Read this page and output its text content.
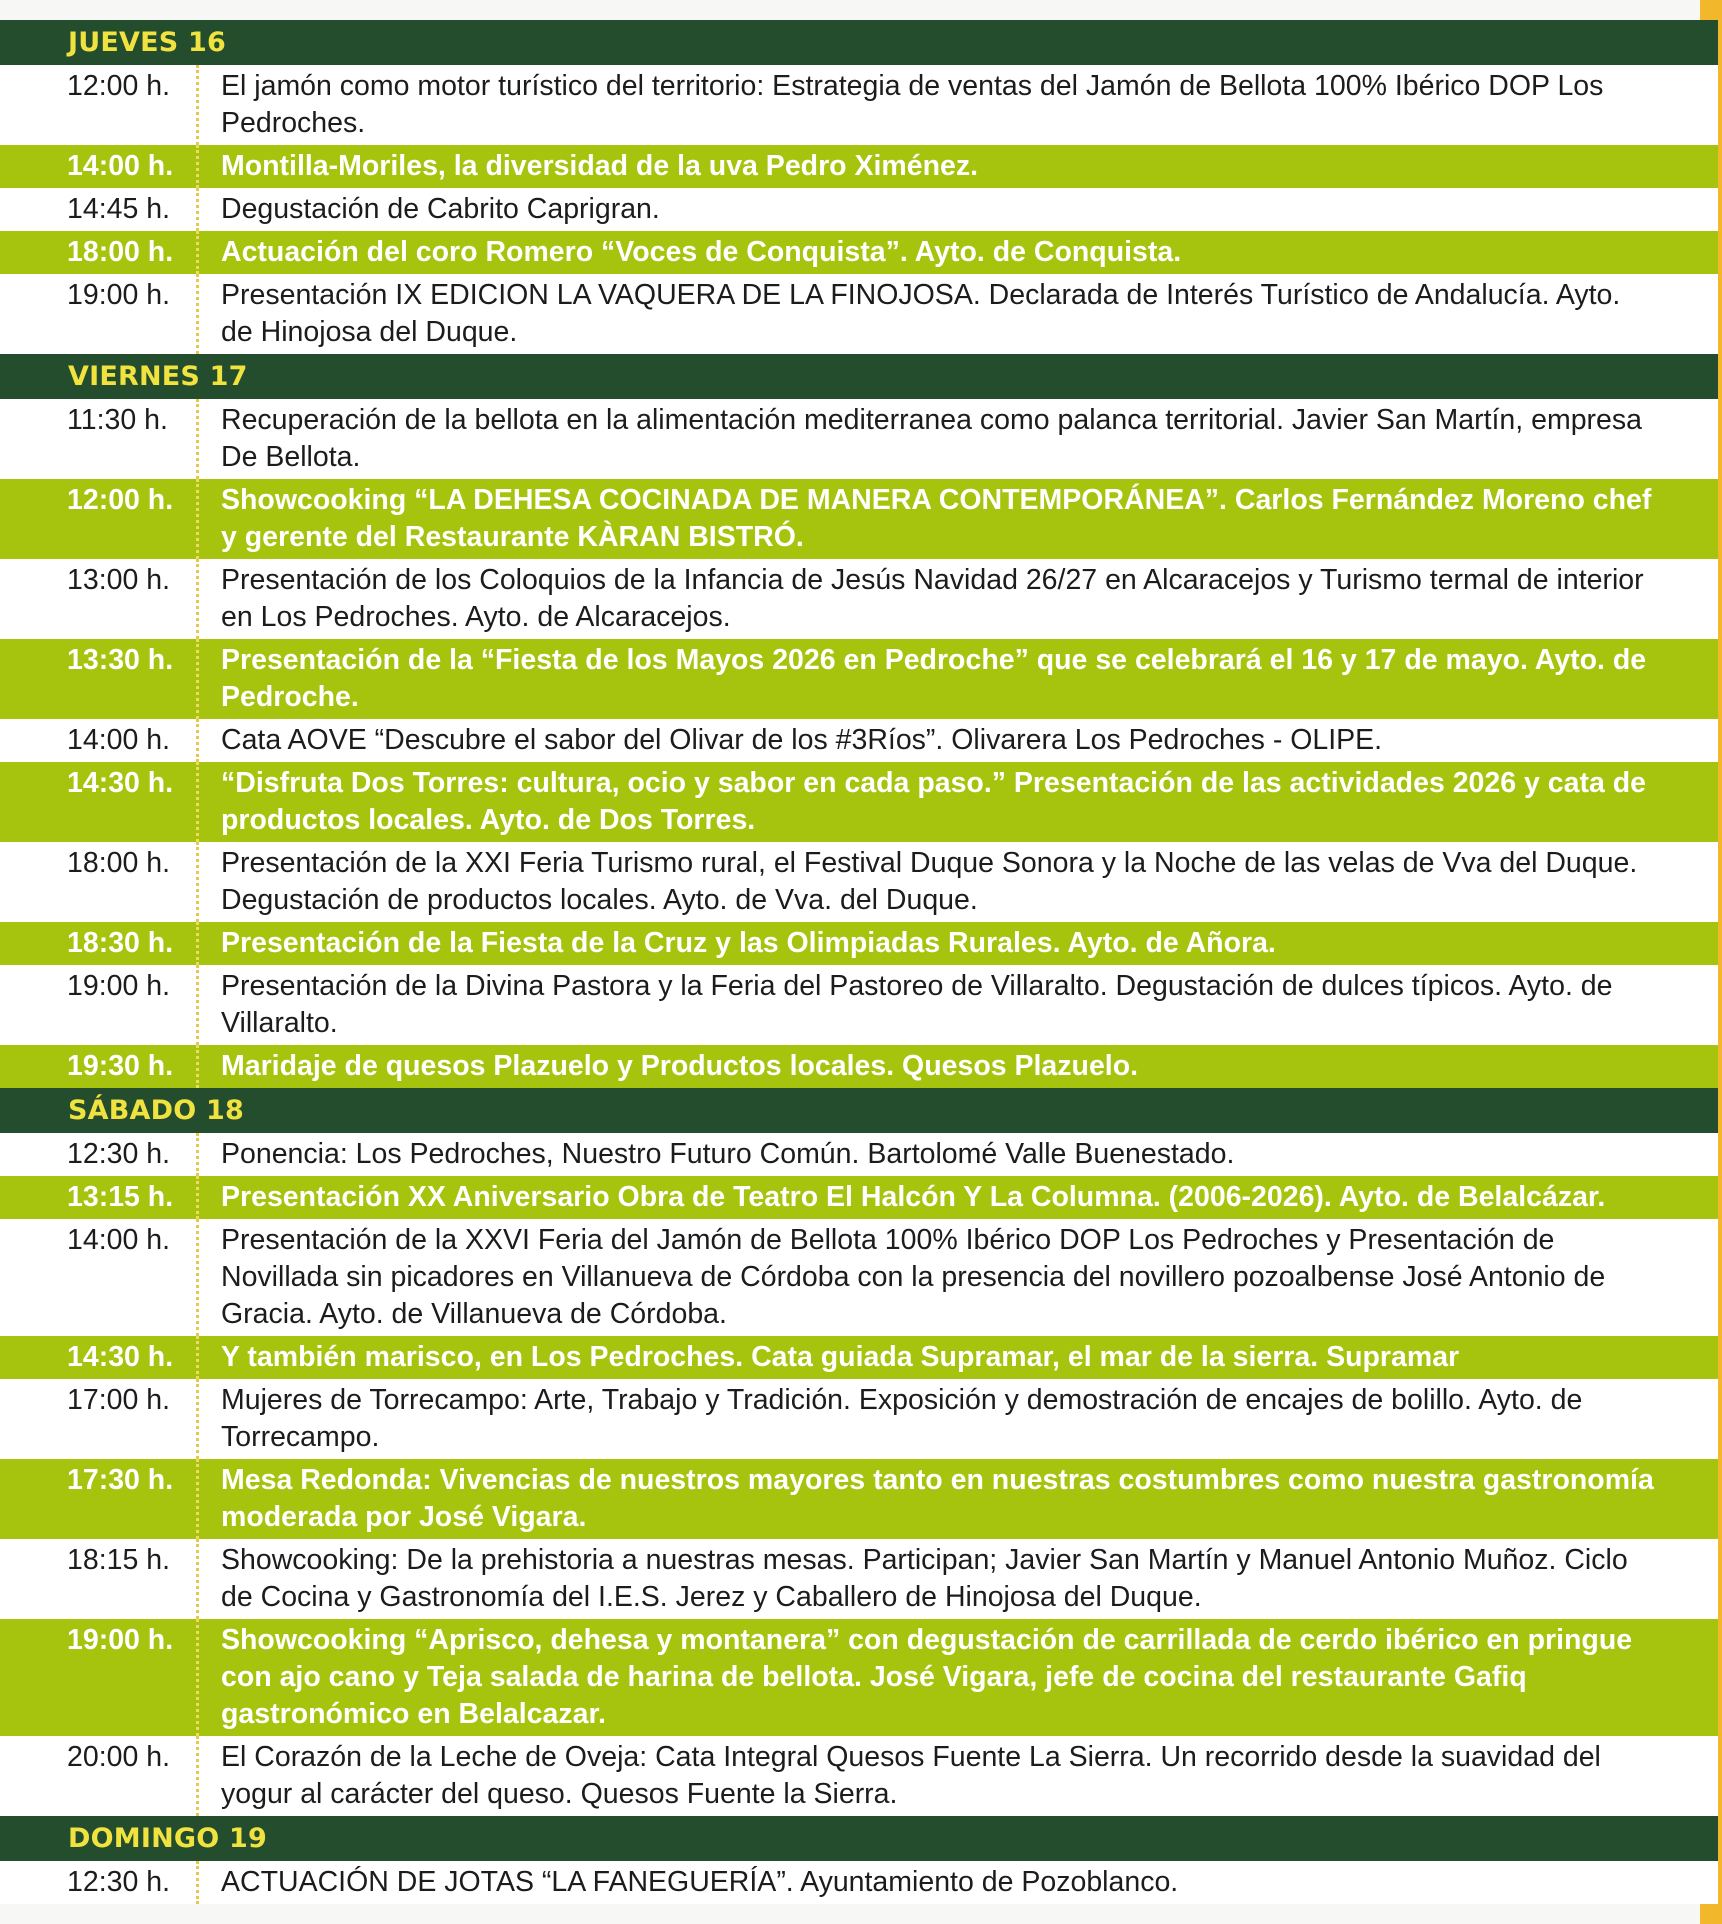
JUEVES 16
12:00 h.	El jamón como motor turístico del territorio: Estrategia de ventas del Jamón de Bellota 100% Ibérico DOP Los Pedroches.
14:00 h.	Montilla-Moriles, la diversidad de la uva Pedro Ximénez.
14:45 h.	Degustación de Cabrito Caprigran.
18:00 h.	Actuación del coro Romero “Voces de Conquista”. Ayto. de Conquista.
19:00 h.	Presentación IX EDICION LA VAQUERA DE LA FINOJOSA. Declarada de Interés Turístico de Andalucía. Ayto. de Hinojosa del Duque.
VIERNES 17
11:30 h.	Recuperación de la bellota en la alimentación mediterranea como palanca territorial. Javier San Martín, empresa De Bellota.
12:00 h.	Showcooking “LA DEHESA COCINADA DE MANERA CONTEMPORÁNEA”. Carlos Fernández Moreno chef y gerente del Restaurante KÀRAN BISTRÓ.
13:00 h.	Presentación de los Coloquios de la Infancia de Jesús Navidad 26/27 en Alcaracejos y Turismo termal de interior en Los Pedroches. Ayto. de Alcaracejos.
13:30 h.	Presentación de la “Fiesta de los Mayos 2026 en Pedroche” que se celebrará el 16 y 17 de mayo. Ayto. de Pedroche.
14:00 h.	Cata AOVE “Descubre el sabor del Olivar de los #3Ríos”. Olivarera Los Pedroches - OLIPE.
14:30 h.	“Disfruta Dos Torres: cultura, ocio y sabor en cada paso.” Presentación de las actividades 2026 y cata de productos locales. Ayto. de Dos Torres.
18:00 h.	Presentación de la XXI Feria Turismo rural, el Festival Duque Sonora y la Noche de las velas de Vva del Duque. Degustación de productos locales. Ayto. de Vva. del Duque.
18:30 h.	Presentación de la Fiesta de la Cruz y las Olimpiadas Rurales. Ayto. de Añora.
19:00 h.	Presentación de la Divina Pastora y la Feria del Pastoreo de Villaralto. Degustación de dulces típicos. Ayto. de Villaralto.
19:30 h.	Maridaje de quesos Plazuelo y Productos locales. Quesos Plazuelo.
SÁBADO 18
12:30 h.	Ponencia: Los Pedroches, Nuestro Futuro Común. Bartolomé Valle Buenestado.
13:15 h.	Presentación XX Aniversario Obra de Teatro El Halcón Y La Columna. (2006-2026). Ayto. de Belalcázar.
14:00 h.	Presentación de la XXVI Feria del Jamón de Bellota 100% Ibérico DOP Los Pedroches y Presentación de Novillada sin picadores en Villanueva de Córdoba con la presencia del novillero pozoalbense José Antonio de Gracia. Ayto. de Villanueva de Córdoba.
14:30 h.	Y también marisco, en Los Pedroches. Cata guiada Supramar, el mar de la sierra. Supramar
17:00 h.	Mujeres de Torrecampo: Arte, Trabajo y Tradición. Exposición y demostración de encajes de bolillo. Ayto. de Torrecampo.
17:30 h.	Mesa Redonda: Vivencias de nuestros mayores tanto en nuestras costumbres como nuestra gastronomía moderada por José Vigara.
18:15 h.	Showcooking: De la prehistoria a nuestras mesas. Participan; Javier San Martín y Manuel Antonio Muñoz. Ciclo de Cocina y Gastronomía del I.E.S. Jerez y Caballero de Hinojosa del Duque.
19:00 h.	Showcooking “Aprisco, dehesa y montanera” con degustación de carrillada de cerdo ibérico en pringue con ajo cano y Teja salada de harina de bellota. José Vigara, jefe de cocina del restaurante Gafiq gastronómico en Belalcazar.
20:00 h.	El Corazón de la Leche de Oveja: Cata Integral Quesos Fuente La Sierra. Un recorrido desde la suavidad del yogur al carácter del queso. Quesos Fuente la Sierra.
DOMINGO 19
12:30 h.	ACTUACIÓN DE JOTAS “LA FANEGUERÍA”. Ayuntamiento de Pozoblanco.
